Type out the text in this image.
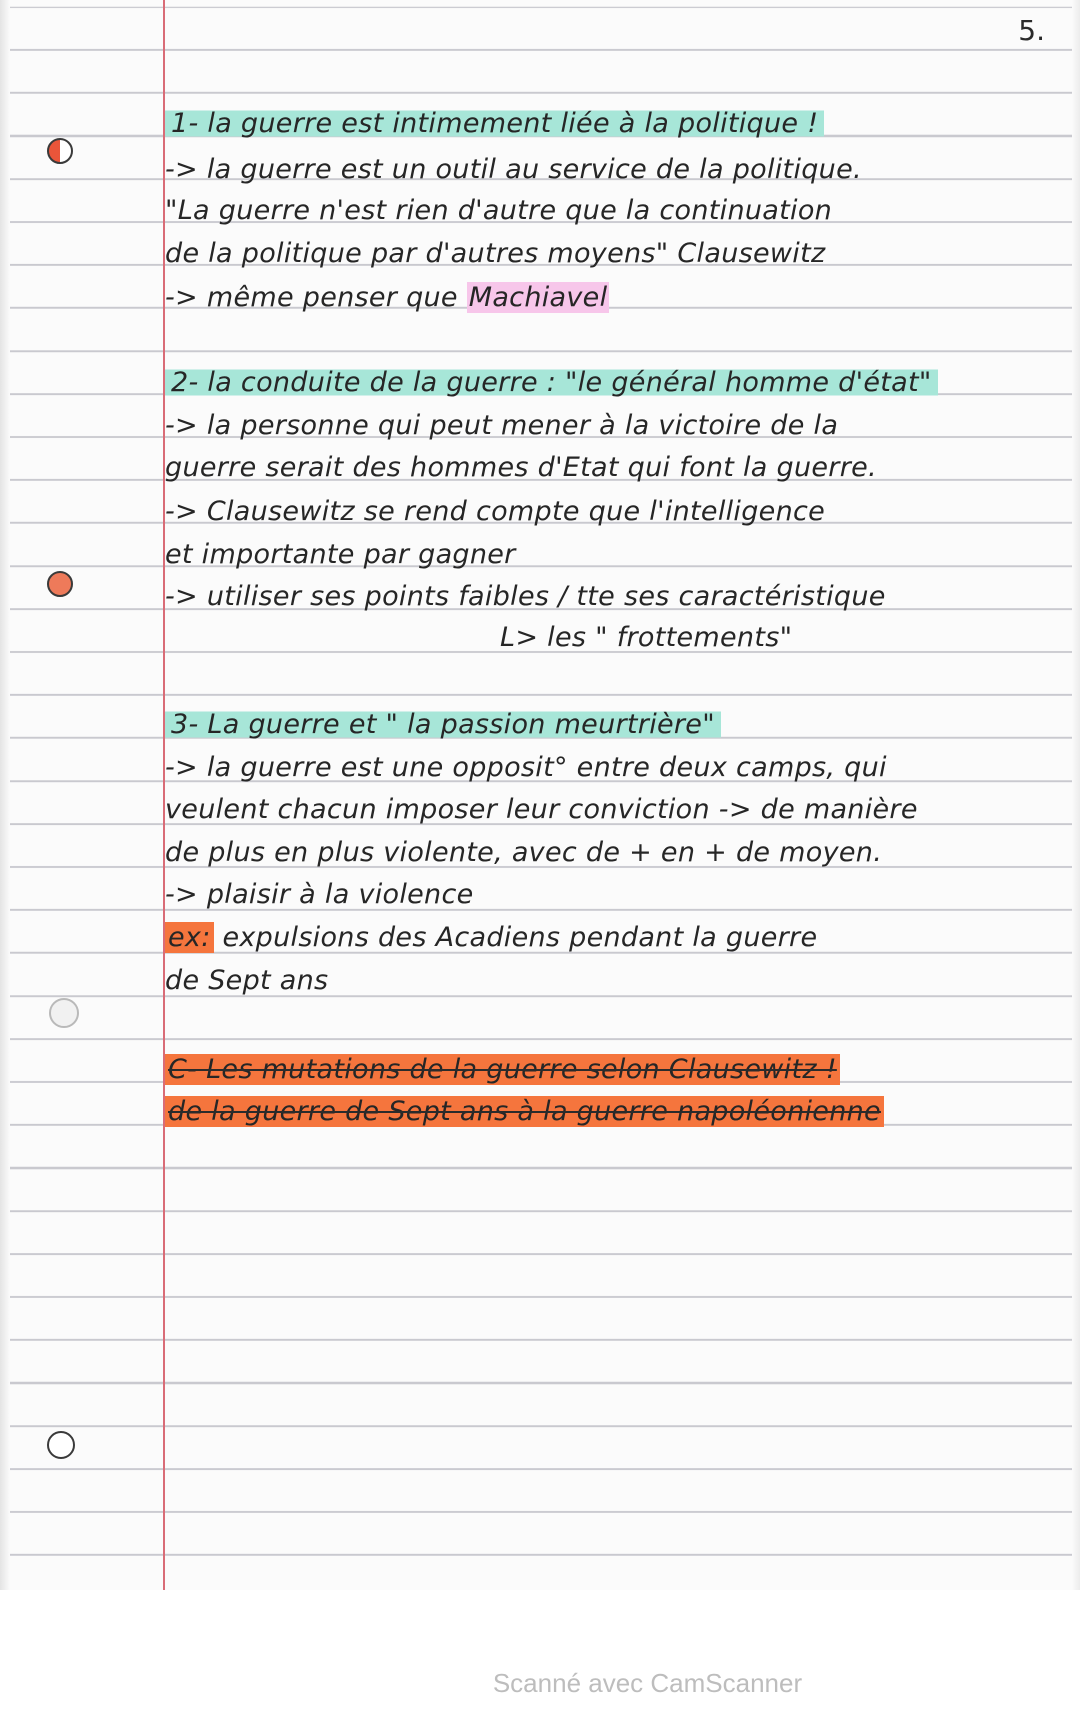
5.
1- la guerre est intimement liée à la politique !
-> la guerre est un outil au service de la politique.
"La guerre n'est rien d'autre que la continuation
de la politique par d'autres moyens" Clausewitz
-> même penser que Machiavel
2- la conduite de la guerre : "le général homme d'état"
-> la personne qui peut mener à la victoire de la
guerre serait des hommes d'Etat qui font la guerre.
-> Clausewitz se rend compte que l'intelligence
et importante par gagner
-> utiliser ses points faibles / tte ses caractéristique
L> les " frottements"
3- La guerre et " la passion meurtrière"
-> la guerre est une opposit° entre deux camps, qui
veulent chacun imposer leur conviction -> de manière
de plus en plus violente, avec de + en + de moyen.
-> plaisir à la violence
ex: expulsions des Acadiens pendant la guerre
de Sept ans
C- Les mutations de la guerre selon Clausewitz !
de la guerre de Sept ans à la guerre napoléonienne
Scanné avec CamScanner
